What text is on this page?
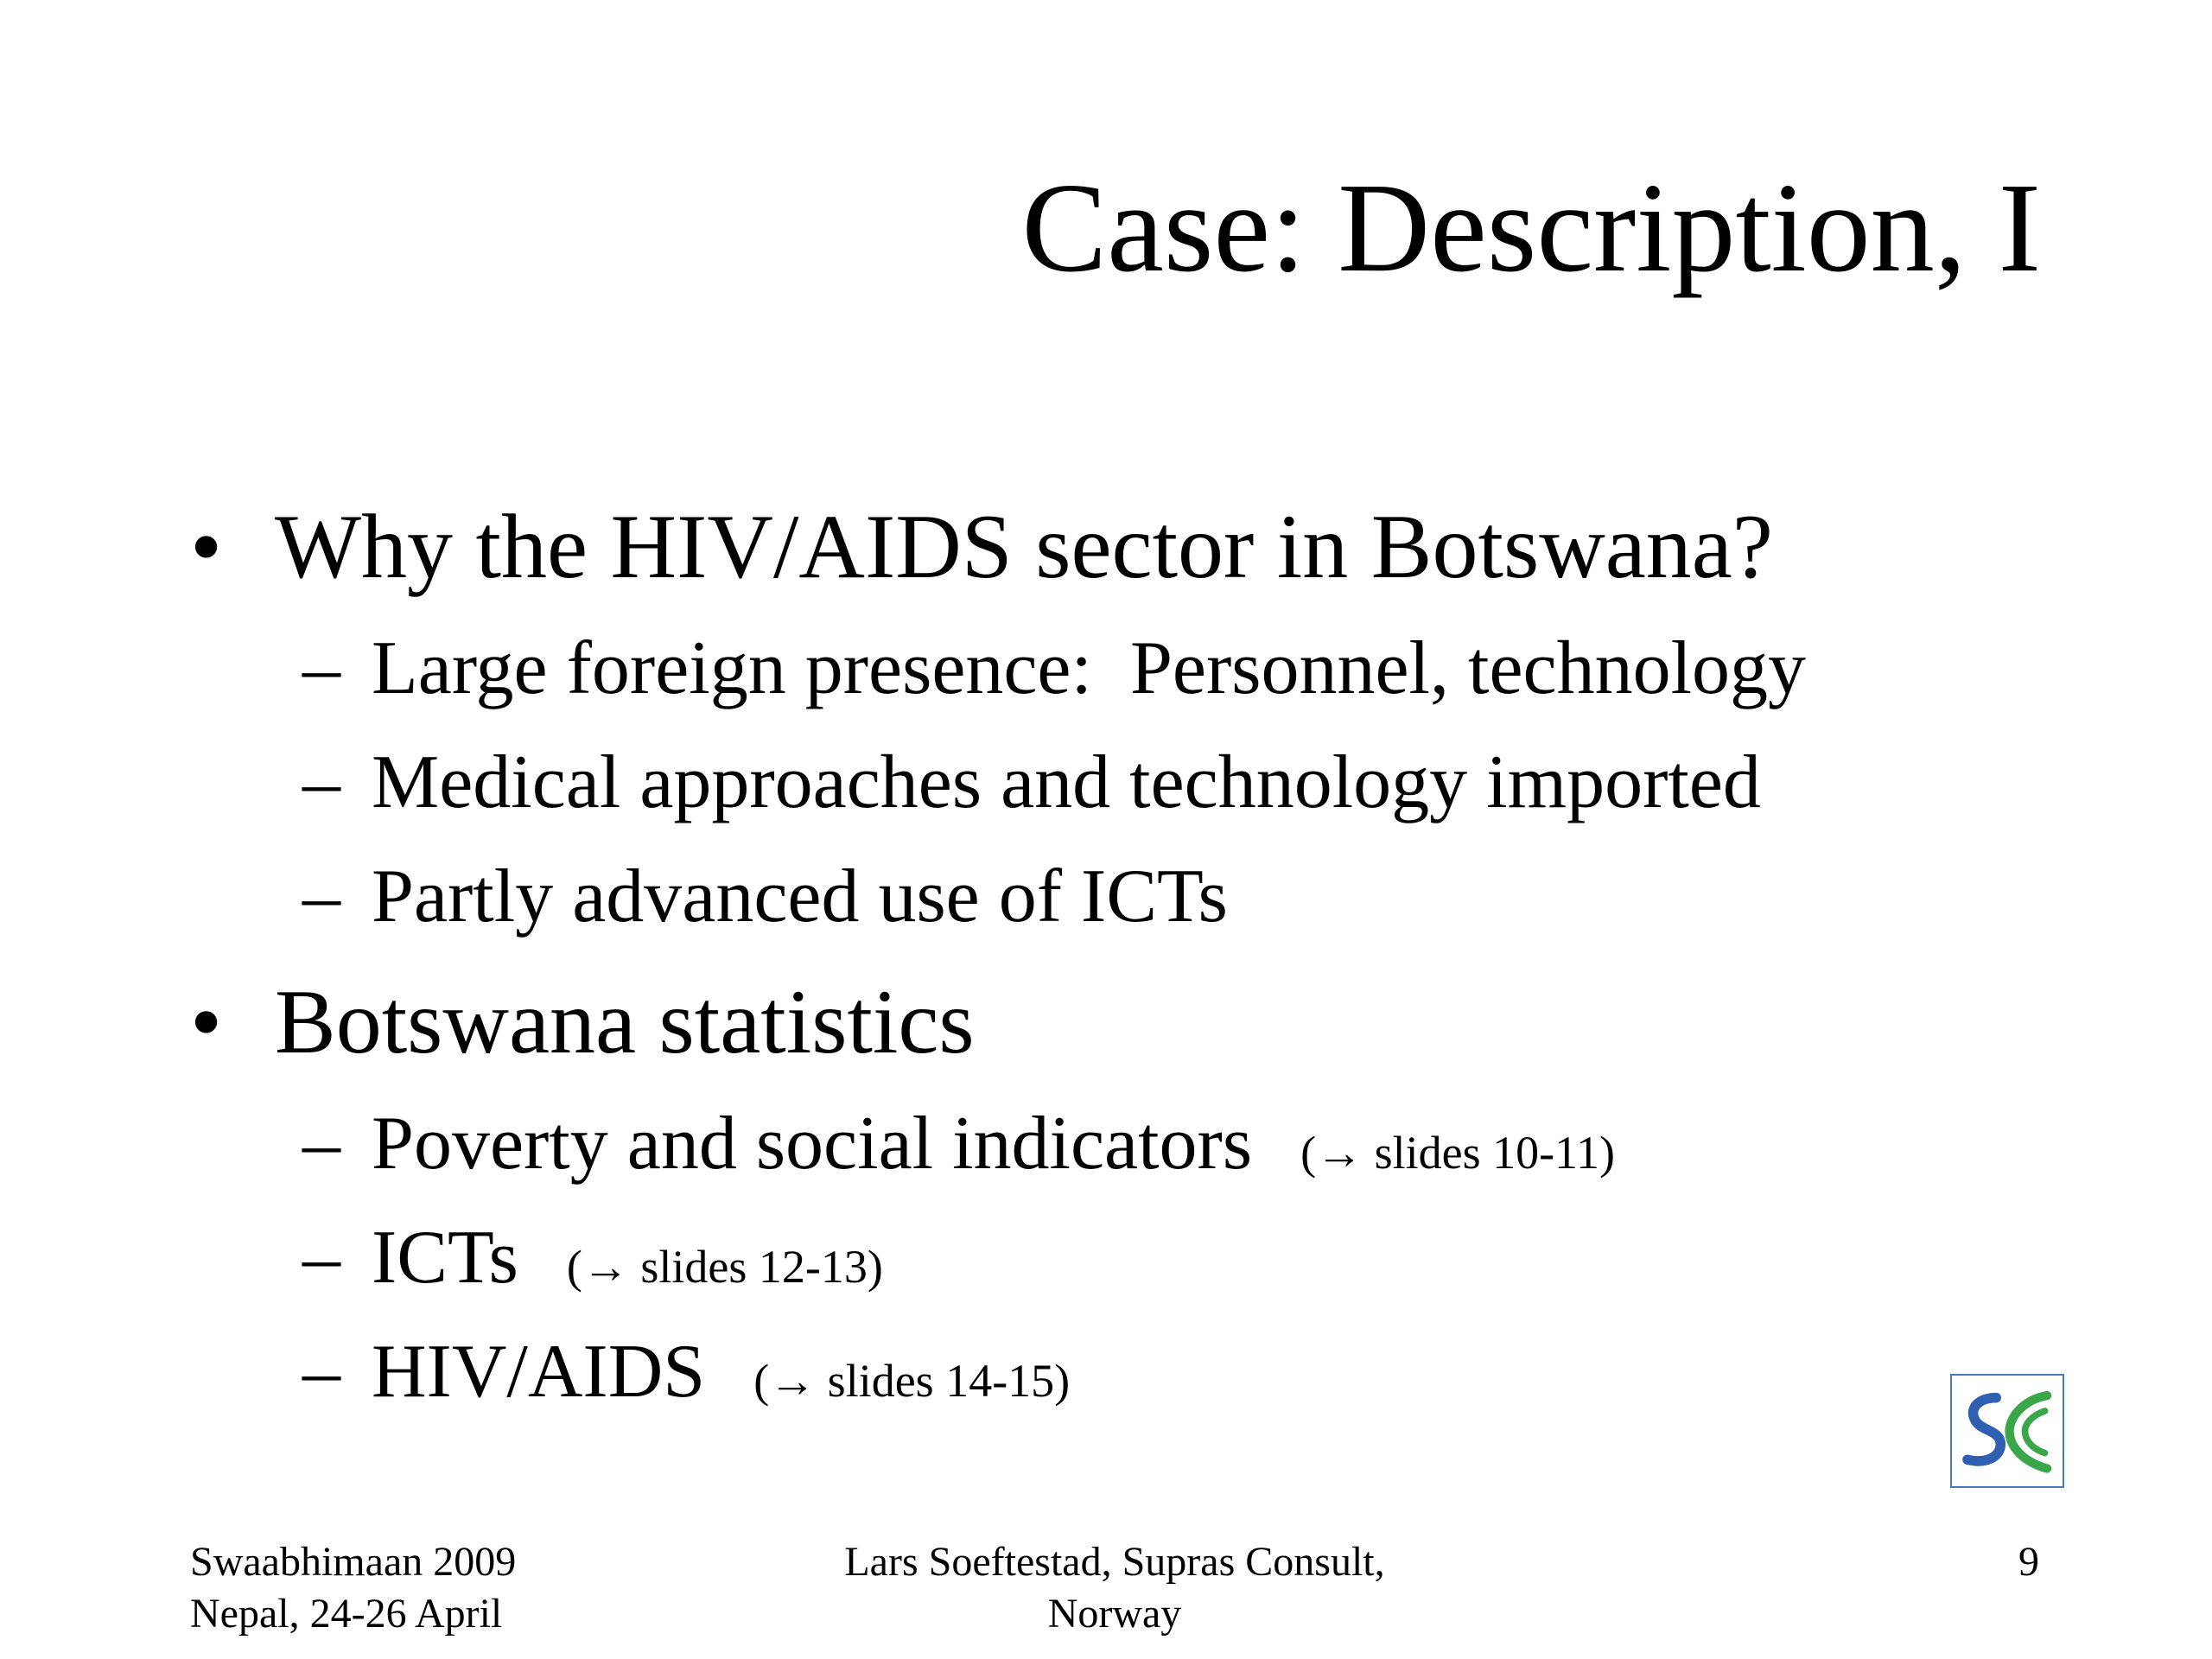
Case: Description, I
• Why the HIV/AIDS sector in Botswana?
– Large foreign presence:  Personnel, technology
– Medical approaches and technology imported
– Partly advanced use of ICTs
• Botswana statistics
– Poverty and social indicators (→ slides 10-11)
– ICTs (→ slides 12-13)
– HIV/AIDS (→ slides 14-15)
Swaabhimaan 2009
Nepal, 24-26 April
Lars Soeftestad, Supras Consult,
Norway
9
